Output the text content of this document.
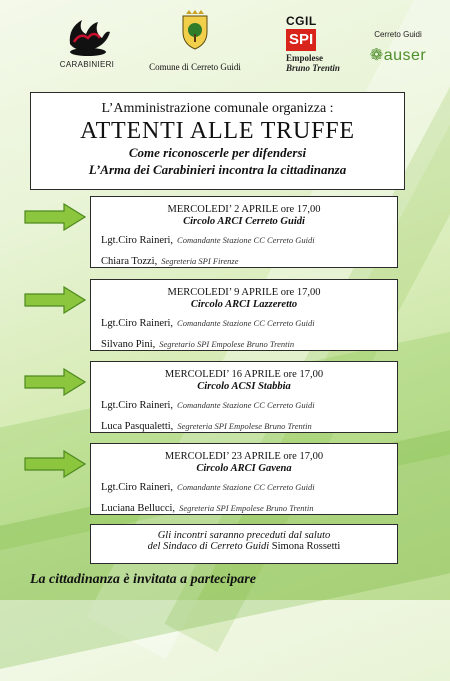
CARABINIERI	Comune di Cerreto Guidi
CGIL
SPI
Empolese
Bruno Trentin
Cerreto Guidi
❁auser
L’Amministrazione comunale organizza :
ATTENTI ALLE TRUFFE
Come riconoscerle per difendersi
L’Arma dei Carabinieri incontra la cittadinanza
MERCOLEDI’ 2 APRILE ore 17,00
Circolo ARCI Cerreto Guidi
Lgt.Ciro Raineri, Comandante Stazione CC Cerreto Guidi
Chiara Tozzi, Segreteria SPI Firenze
MERCOLEDI’ 9 APRILE ore 17,00
Circolo ARCI Lazzeretto
Lgt.Ciro Raineri, Comandante Stazione CC Cerreto Guidi
Silvano Pini, Segretario SPI Empolese Bruno Trentin
MERCOLEDI’ 16 APRILE ore 17,00
Circolo ACSI Stabbia
Lgt.Ciro Raineri, Comandante Stazione CC Cerreto Guidi
Luca Pasqualetti, Segreteria SPI Empolese Bruno Trentin
MERCOLEDI’ 23 APRILE ore 17,00
Circolo ARCI Gavena
Lgt.Ciro Raineri, Comandante Stazione CC Cerreto Guidi
Luciana Bellucci, Segreteria SPI Empolese Bruno Trentin
Gli incontri saranno preceduti dal saluto
del Sindaco di Cerreto Guidi Simona Rossetti
La cittadinanza è invitata a partecipare
